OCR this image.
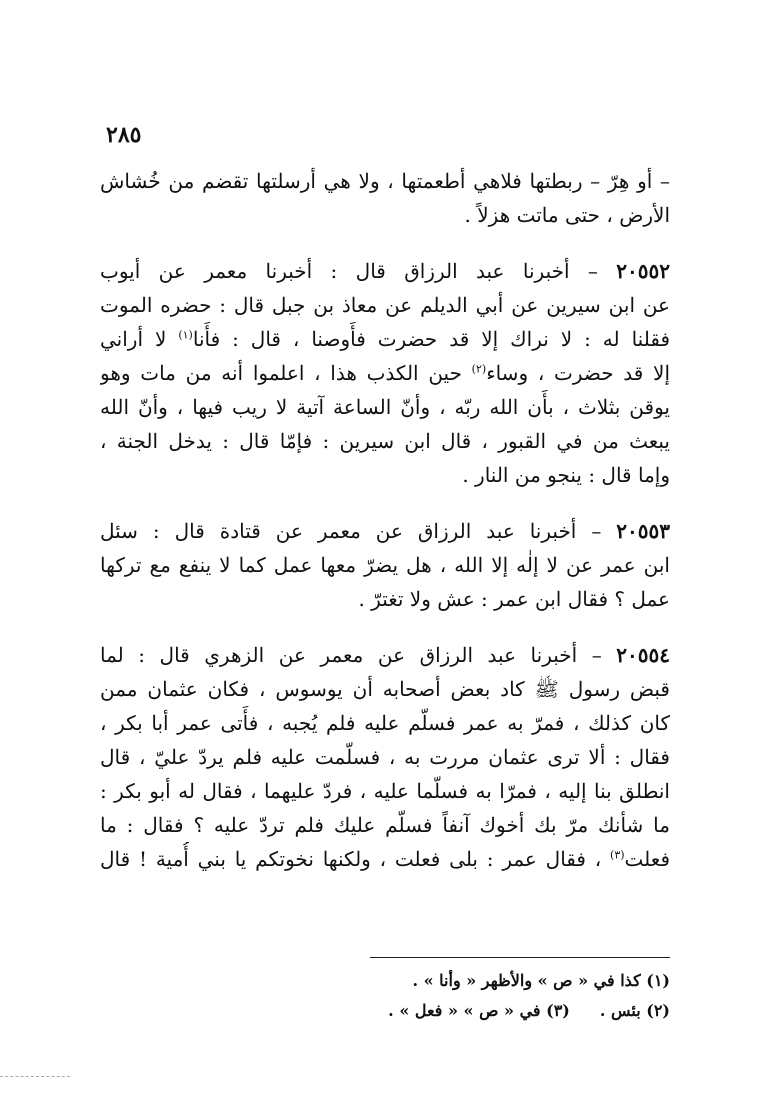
٢٨٥
– أو هِرّ – ربطتها فلاهي أطعمتها ، ولا هي أرسلتها تقضم من خُشاش
الأرض ، حتى ماتت هزلاً .
٢٠٥٥٢ – أخبرنا عبد الرزاق قال : أخبرنا معمر عن أيوب
عن ابن سيرين عن أبي الديلم عن معاذ بن جبل قال : حضره الموت
فقلنا له : لا نراك إلا قد حضرت فأَوصنا ، قال : فأَنا$^{(١)}$ لا أراني
إلا قد حضرت ، وساء$^{(٢)}$ حين الكذب هذا ، اعلموا أنه من مات وهو
يوقن بثلاث ، بأَن الله ربّه ، وأنّ الساعة آتية لا ريب فيها ، وأنّ الله
يبعث من في القبور ، قال ابن سيرين : فإمّا قال : يدخل الجنة ،
وإما قال : ينجو من النار .
٢٠٥٥٣ – أخبرنا عبد الرزاق عن معمر عن قتادة قال : سئل
ابن عمر عن لا إلٰه إلا الله ، هل يضرّ معها عمل كما لا ينفع مع تركها
عمل ؟ فقال ابن عمر : عش ولا تغترّ .
٢٠٥٥٤ – أخبرنا عبد الرزاق عن معمر عن الزهري قال : لما
قبض رسول ﷺ كاد بعض أصحابه أن يوسوس ، فكان عثمان ممن
كان كذلك ، فمرّ به عمر فسلّم عليه فلم يُجبه ، فأَتى عمر أبا بكر ،
فقال : ألا ترى عثمان مررت به ، فسلّمت عليه فلم يردّ عليّ ، قال
انطلق بنا إليه ، فمرّا به فسلّما عليه ، فردّ عليهما ، فقال له أبو بكر :
ما شأنك مرّ بك أخوك آنفاً فسلّم عليك فلم تردّ عليه ؟ فقال : ما
فعلت$^{(٣)}$ ، فقال عمر : بلى فعلت ، ولكنها نخوتكم يا بني أُمية ! قال
(١) كذا في « ص » والأظهر « وأنا » .
(٢) بئس .(٣) في « ص » « فعل » .
